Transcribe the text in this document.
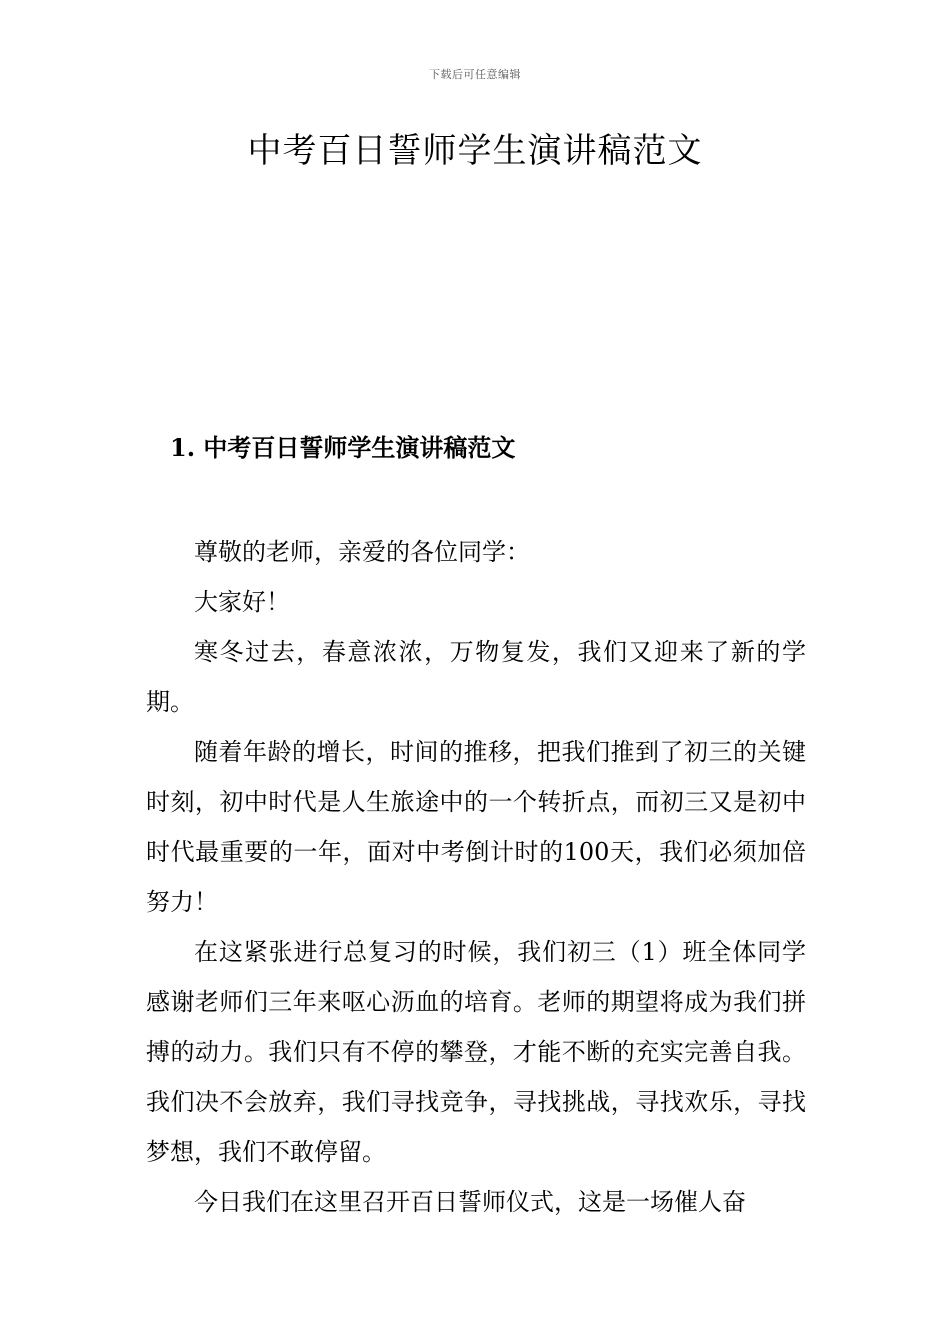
下载后可任意编辑
中考百日誓师学生演讲稿范文
1. 中考百日誓师学生演讲稿范文

尊敬的老师，亲爱的各位同学：

大家好！

寒冬过去，春意浓浓，万物复发，我们又迎来了新的学期。

随着年龄的增长，时间的推移，把我们推到了初三的关键时刻，初中时代是人生旅途中的一个转折点，而初三又是初中时代最重要的一年，面对中考倒计时的100天，我们必须加倍努力！

在这紧张进行总复习的时候，我们初三（1）班全体同学感谢老师们三年来呕心沥血的培育。老师的期望将成为我们拼搏的动力。我们只有不停的攀登，才能不断的充实完善自我。我们决不会放弃，我们寻找竞争，寻找挑战，寻找欢乐，寻找梦想，我们不敢停留。

今日我们在这里召开百日誓师仪式，这是一场催人奋
